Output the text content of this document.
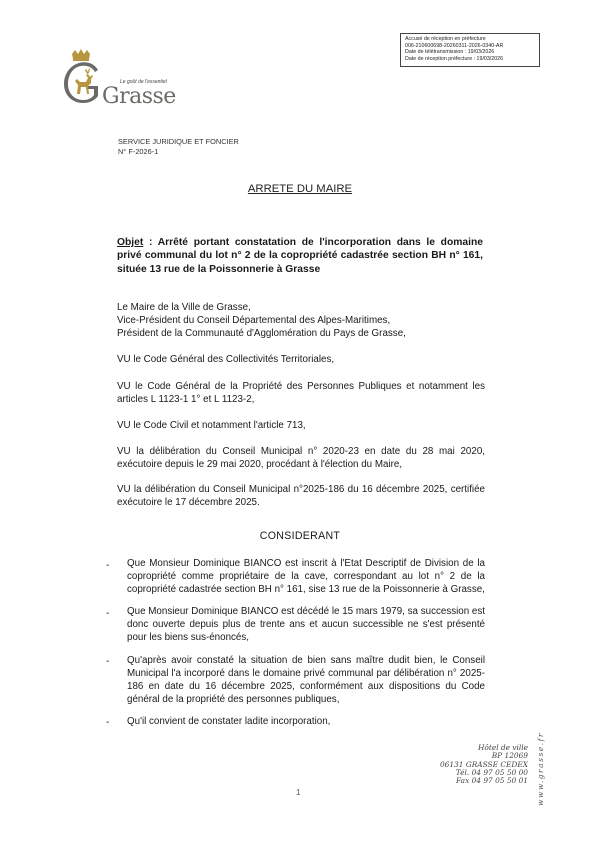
Accusé de réception en préfecture
006-210600698-20260311-2026-0340-AR
Date de télétransmission : 19/03/2026
Date de réception préfecture : 19/03/2026
Le goût de l'essentiel
Grasse
SERVICE JURIDIQUE ET FONCIER
N° F-2026-1
ARRETE DU MAIRE
Objet : Arrêté portant constatation de l'incorporation dans le domaine privé communal du lot n° 2 de la copropriété cadastrée section BH n° 161, située 13 rue de la Poissonnerie à Grasse
Le Maire de la Ville de Grasse,
Vice-Président du Conseil Départemental des Alpes-Maritimes,
Président de la Communauté d'Agglomération du Pays de Grasse,
VU le Code Général des Collectivités Territoriales,
VU le Code Général de la Propriété des Personnes Publiques et notamment les articles L 1123-1 1° et L 1123-2,
VU le Code Civil et notamment l'article 713,
VU la délibération du Conseil Municipal n° 2020-23 en date du 28 mai 2020, exécutoire depuis le 29 mai 2020, procédant à l'élection du Maire,
VU la délibération du Conseil Municipal n°2025-186 du 16 décembre 2025, certifiée exécutoire le 17 décembre 2025.
CONSIDERANT
- Que Monsieur Dominique BIANCO est inscrit à l'Etat Descriptif de Division de la copropriété comme propriétaire de la cave, correspondant au lot n° 2 de la copropriété cadastrée section BH n° 161, sise 13 rue de la Poissonnerie à Grasse,
- Que Monsieur Dominique BIANCO est décédé le 15 mars 1979, sa succession est donc ouverte depuis plus de trente ans et aucun successible ne s'est présenté pour les biens sus-énoncés,
- Qu'après avoir constaté la situation de bien sans maître dudit bien, le Conseil Municipal l'a incorporé dans le domaine privé communal par délibération n° 2025-186 en date du 16 décembre 2025, conformément aux dispositions du Code général de la propriété des personnes publiques,
- Qu'il convient de constater ladite incorporation,
Hôtel de ville
BP 12069
06131 GRASSE CEDEX
Tél. 04 97 05 50 00
Fax 04 97 05 50 01 www.grasse.fr
1
